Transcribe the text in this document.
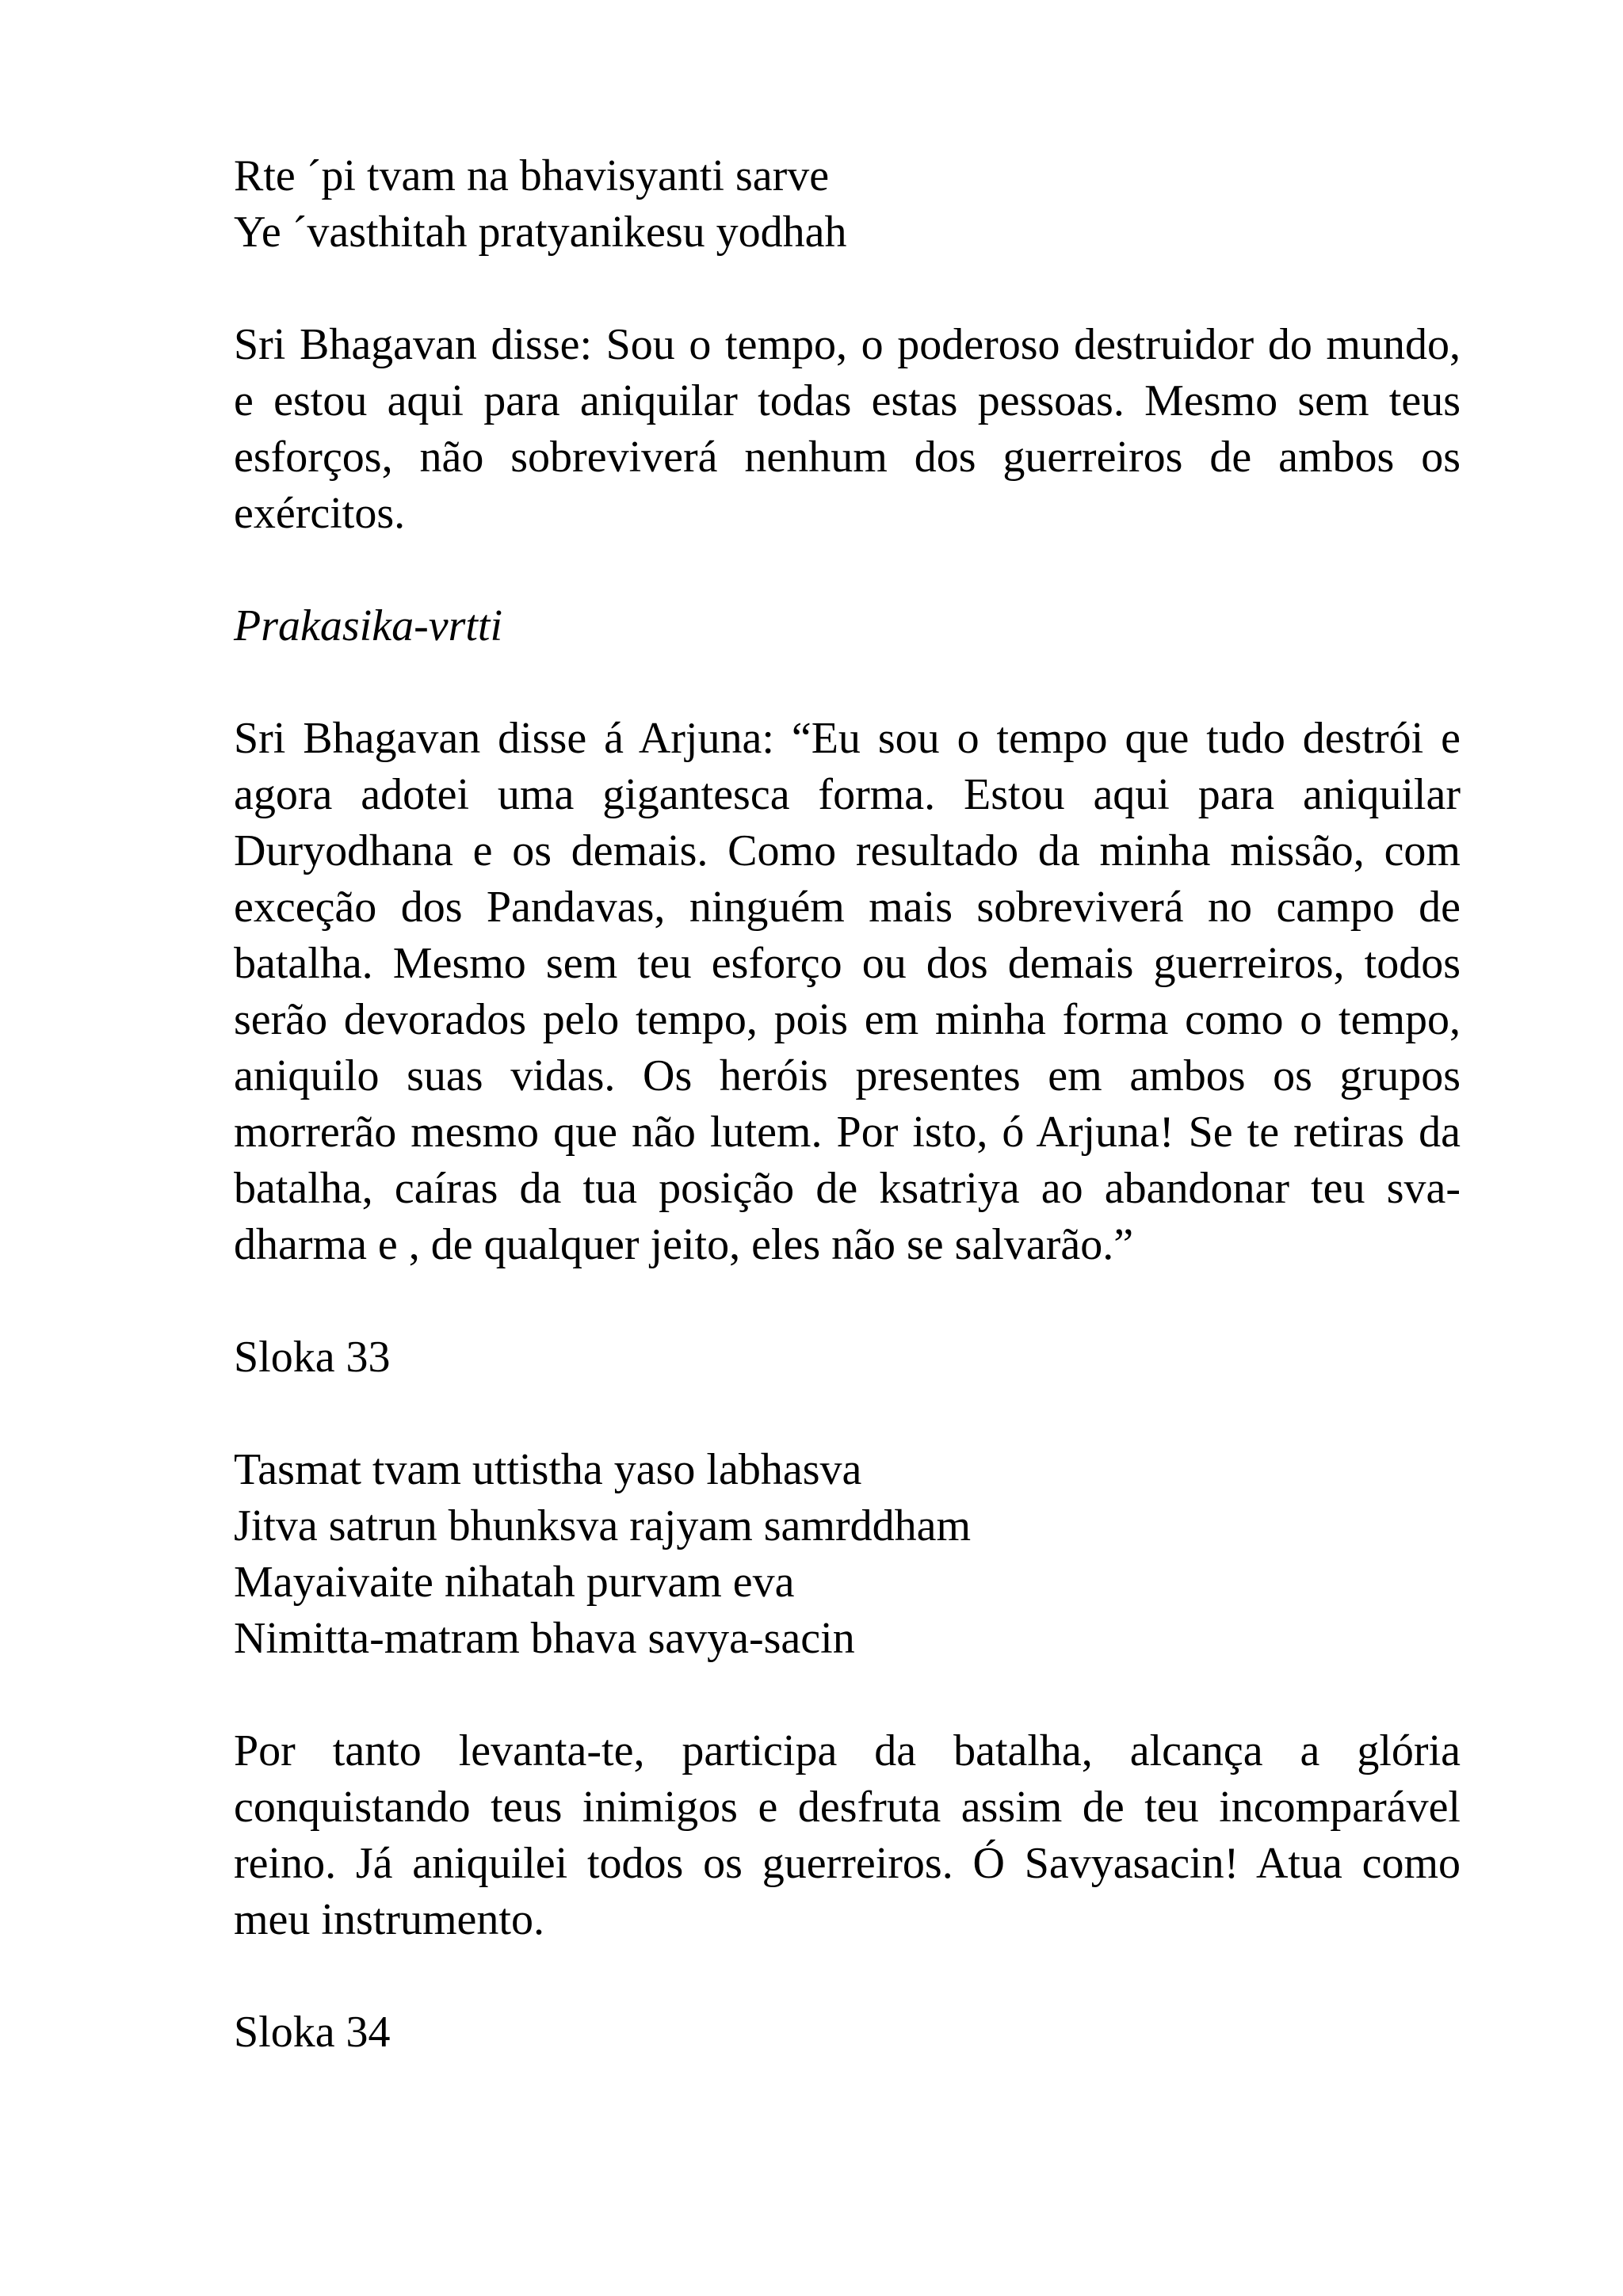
Rte ´pi tvam na bhavisyanti sarve
Ye ´vasthitah pratyanikesu yodhah
Sri Bhagavan disse: Sou o tempo, o poderoso destruidor do mundo, e estou aqui para aniquilar todas estas pessoas. Mesmo sem teus esforços, não sobreviverá nenhum dos guerreiros de ambos os exércitos.
Prakasika-vrtti
Sri Bhagavan disse á Arjuna: “Eu sou o tempo que tudo destrói e agora adotei uma gigantesca forma. Estou aqui para aniquilar Duryodhana e os demais. Como resultado da minha missão, com exceção dos Pandavas, ninguém mais sobreviverá no campo de batalha. Mesmo sem teu esforço ou dos demais guerreiros, todos serão devorados pelo tempo, pois em minha forma como o tempo, aniquilo suas vidas. Os heróis presentes em ambos os grupos morrerão mesmo que não lutem. Por isto, ó Arjuna! Se te retiras da batalha, caíras da tua posição de ksatriya ao abandonar teu sva-dharma e , de qualquer jeito, eles não se salvarão.”
Sloka 33
Tasmat tvam uttistha yaso labhasva
Jitva satrun bhunksva rajyam samrddham
Mayaivaite nihatah purvam eva
Nimitta-matram bhava savya-sacin
Por tanto levanta-te, participa da batalha, alcança a glória conquistando teus inimigos e desfruta assim de teu incomparável reino. Já aniquilei todos os guerreiros. Ó Savyasacin! Atua como meu instrumento.
Sloka 34
